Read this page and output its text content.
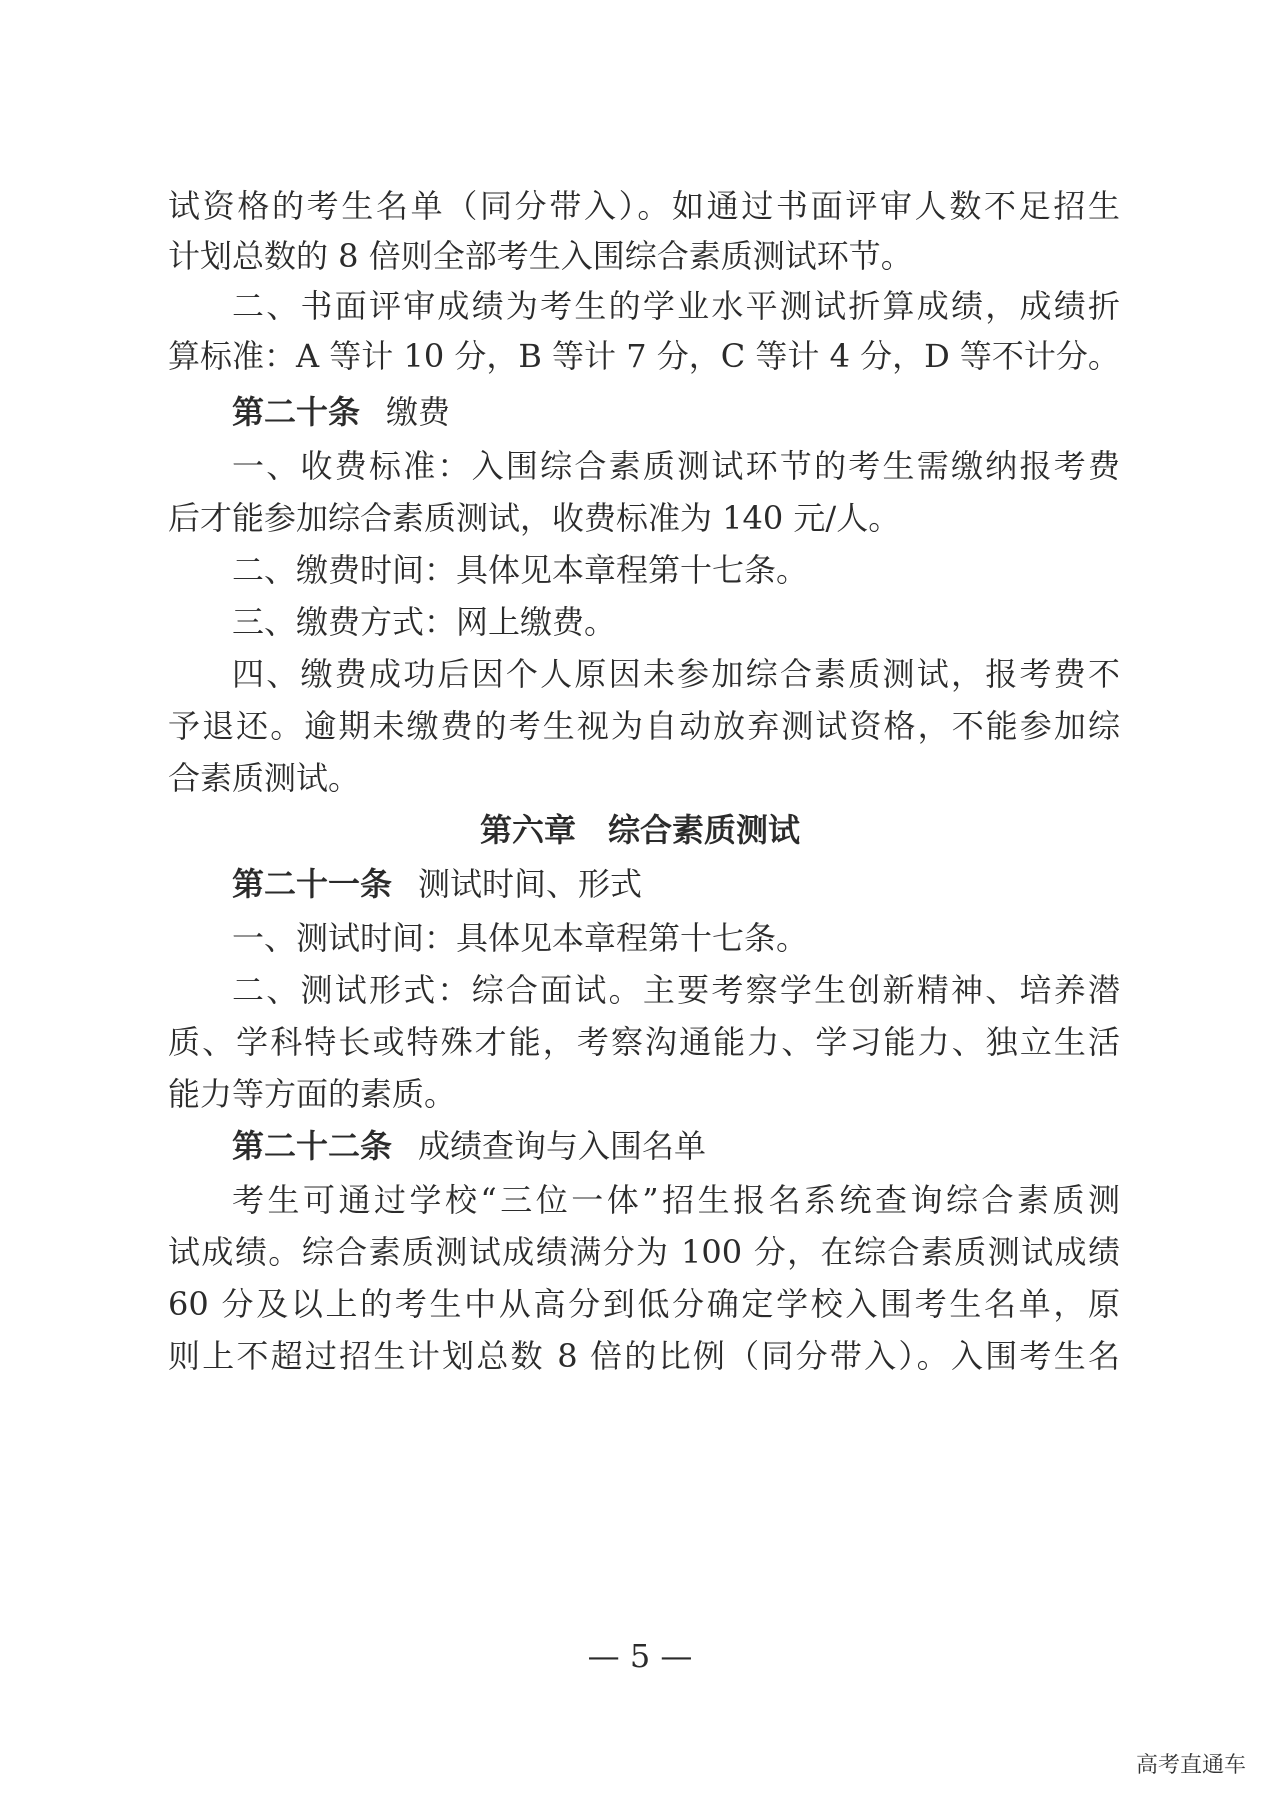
试资格的考生名单（同分带入）。如通过书面评审人数不足招生
计划总数的 8 倍则全部考生入围综合素质测试环节。
二、书面评审成绩为考生的学业水平测试折算成绩，成绩折
算标准：A 等计 10 分，B 等计 7 分，C 等计 4 分，D 等不计分。
第二十条 缴费
一、收费标准：入围综合素质测试环节的考生需缴纳报考费
后才能参加综合素质测试，收费标准为 140 元/人。
二、缴费时间：具体见本章程第十七条。
三、缴费方式：网上缴费。
四、缴费成功后因个人原因未参加综合素质测试，报考费不
予退还。逾期未缴费的考生视为自动放弃测试资格，不能参加综
合素质测试。
第六章　综合素质测试
第二十一条 测试时间、形式
一、测试时间：具体见本章程第十七条。
二、测试形式：综合面试。主要考察学生创新精神、培养潜
质、学科特长或特殊才能，考察沟通能力、学习能力、独立生活
能力等方面的素质。
第二十二条 成绩查询与入围名单
考生可通过学校“三位一体”招生报名系统查询综合素质测
试成绩。综合素质测试成绩满分为 100 分，在综合素质测试成绩
60 分及以上的考生中从高分到低分确定学校入围考生名单，原
则上不超过招生计划总数 8 倍的比例（同分带入）。入围考生名
— 5 —
高考直通车
